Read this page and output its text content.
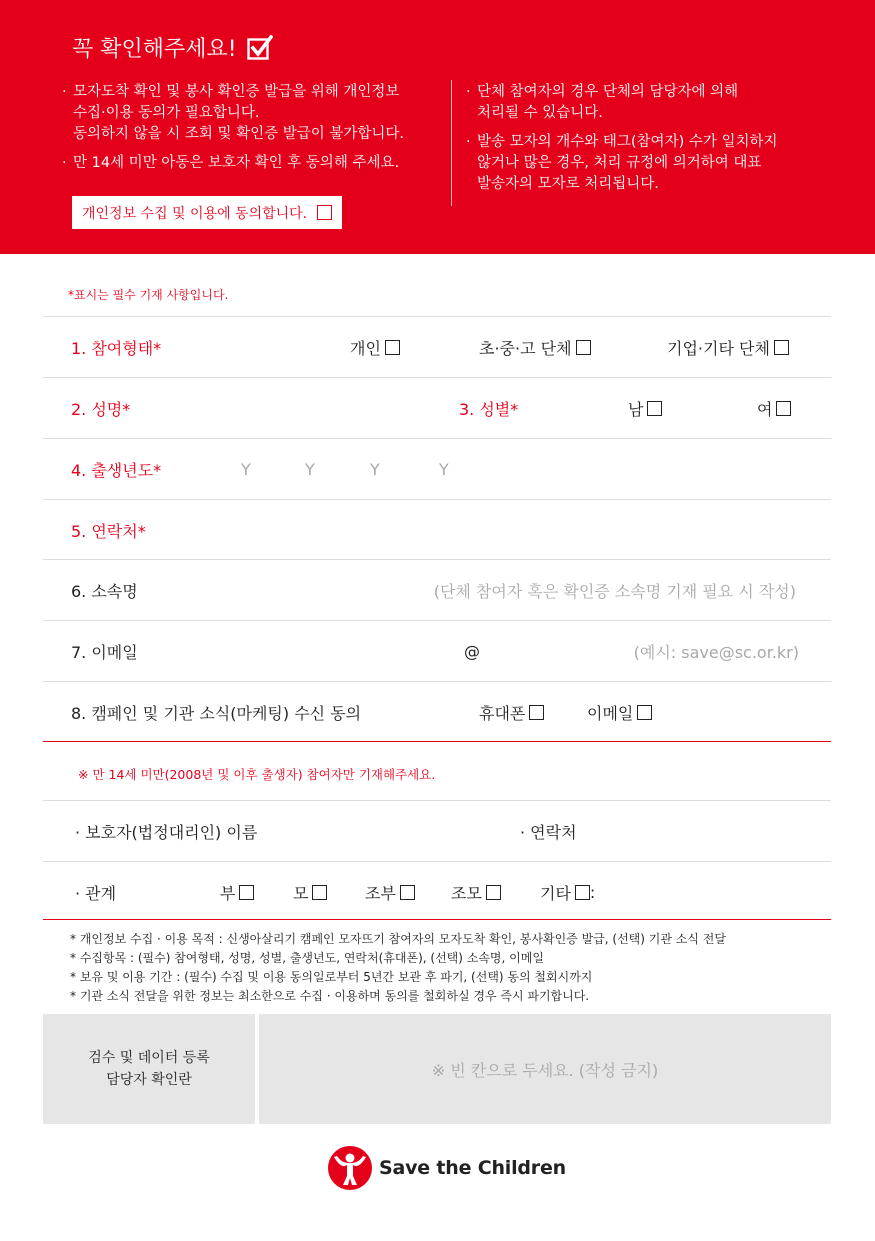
꼭 확인해주세요!
· 모자도착 확인 및 봉사 확인증 발급을 위해 개인정보
수집·이용 동의가 필요합니다.
동의하지 않을 시 조회 및 확인증 발급이 불가합니다.
· 만 14세 미만 아동은 보호자 확인 후 동의해 주세요.
· 단체 참여자의 경우 단체의 담당자에 의해
처리될 수 있습니다.
· 발송 모자의 개수와 태그(참여자) 수가 일치하지
않거나 많은 경우, 처리 규정에 의거하여 대표
발송자의 모자로 처리됩니다.
개인정보 수집 및 이용에 동의합니다.
*표시는 필수 기재 사항입니다.
1. 참여형태*	개인	초·중·고 단체	기업·기타 단체
2. 성명*	3. 성별*	남	여
4. 출생년도*	Y	Y	Y	Y
5. 연락처*
6. 소속명	(단체 참여자 혹은 확인증 소속명 기재 필요 시 작성)
7. 이메일	@	(예시: save@sc.or.kr)
8. 캠페인 및 기관 소식(마케팅) 수신 동의	휴대폰	이메일
※ 만 14세 미만(2008년 및 이후 출생자) 참여자만 기재해주세요.
· 보호자(법정대리인) 이름	· 연락처
· 관계	부	모	조부	조모	기타 :
* 개인정보 수집 · 이용 목적 : 신생아살리기 캠페인 모자뜨기 참여자의 모자도착 확인, 봉사확인증 발급, (선택) 기관 소식 전달
* 수집항목 : (필수) 참여형태, 성명, 성별, 출생년도, 연락처(휴대폰), (선택) 소속명, 이메일
* 보유 및 이용 기간 : (필수) 수집 및 이용 동의일로부터 5년간 보관 후 파기, (선택) 동의 철회시까지
* 기관 소식 전달을 위한 정보는 최소한으로 수집 · 이용하며 동의를 철회하실 경우 즉시 파기합니다.
검수 및 데이터 등록
담당자 확인란
※ 빈 칸으로 두세요. (작성 금지)
Save the Children
